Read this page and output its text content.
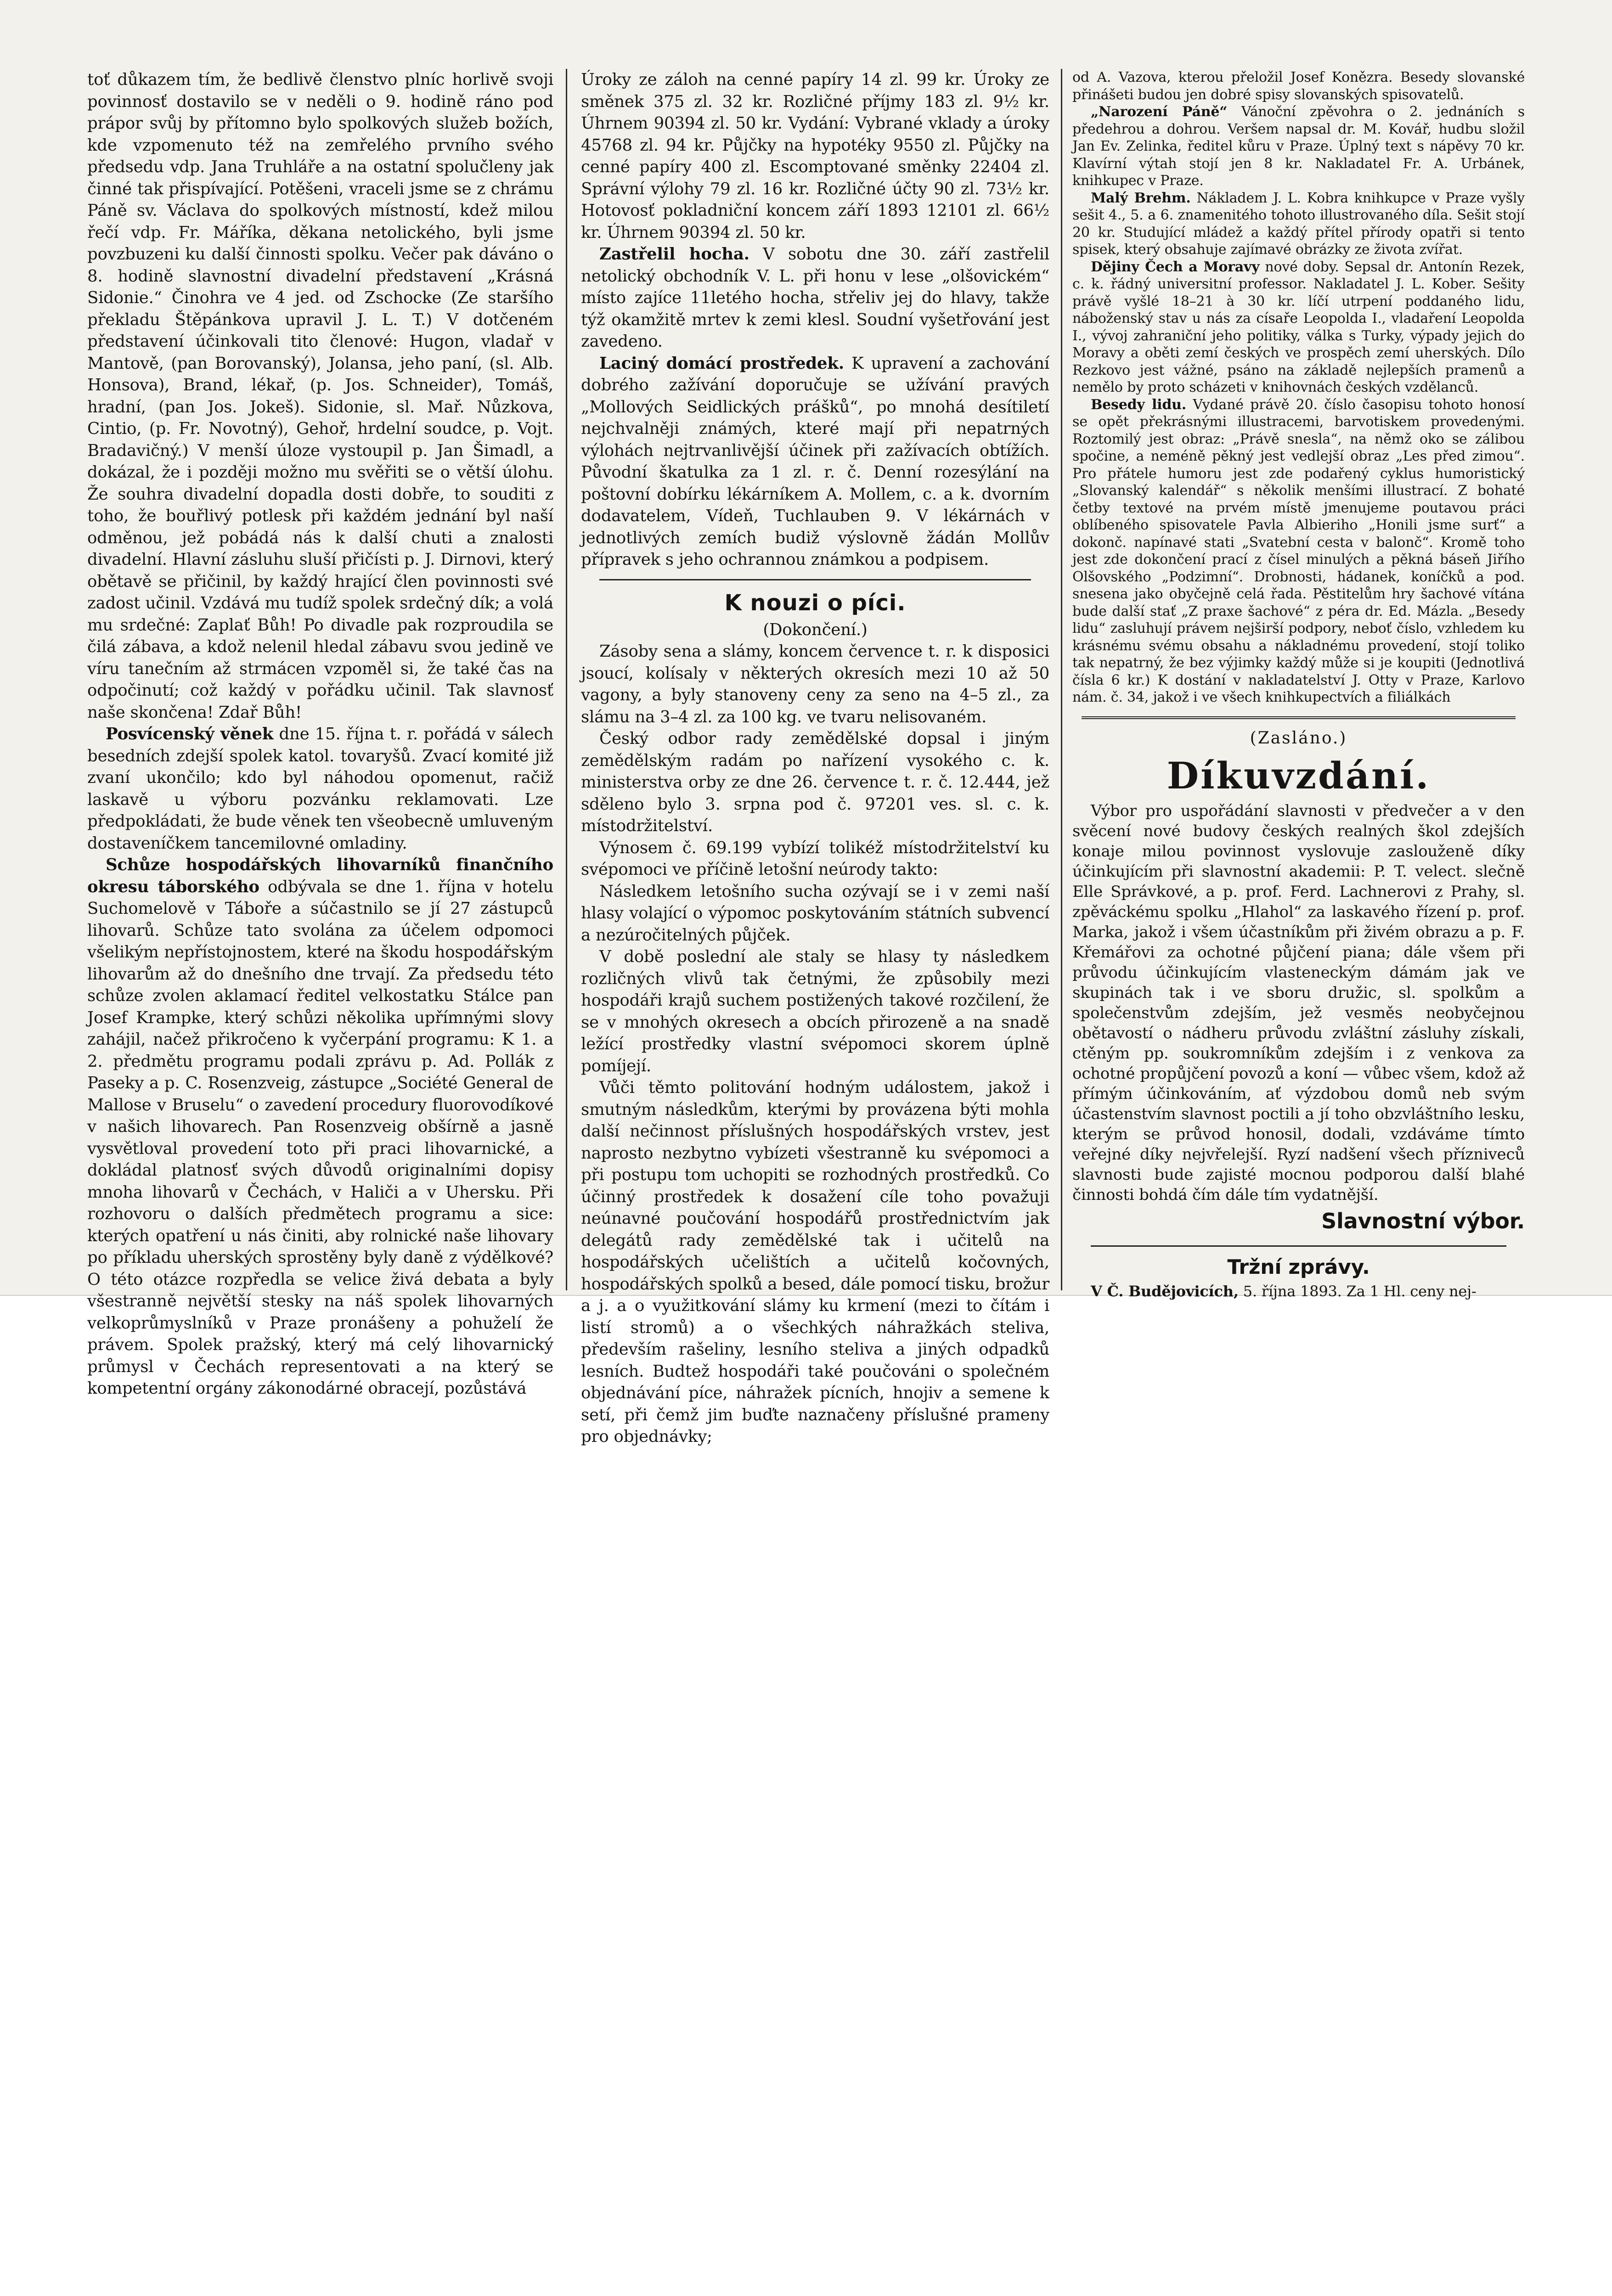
toť důkazem tím, že bedlivě členstvo plníc horlivě svoji povinnosť dostavilo se v neděli o 9. hodině ráno pod prápor svůj by přítomno bylo spolkových služeb božích, kde vzpomenuto též na zemřelého prvního svého předsedu vdp. Jana Truhláře a na ostatní spolučleny jak činné tak přispívající. Potěšeni, vraceli jsme se z chrámu Páně sv. Václava do spolkových místností, kdež milou řečí vdp. Fr. Máříka, děkana netolického, byli jsme povzbuzeni ku další činnosti spolku. Večer pak dáváno o 8. hodině slavnostní divadelní představení „Krásná Sidonie.“ Činohra ve 4 jed. od Zschocke (Ze staršího překladu Štěpánkova upravil J. L. T.) V dotčeném představení účinkovali tito členové: Hugon, vladař v Mantově, (pan Borovanský), Jolansa, jeho paní, (sl. Alb. Honsova), Brand, lékař, (p. Jos. Schneider), Tomáš, hradní, (pan Jos. Jokeš). Sidonie, sl. Mař. Nůzkova, Cintio, (p. Fr. Novotný), Gehoř, hrdelní soudce, p. Vojt. Bradavičný.) V menší úloze vystoupil p. Jan Šimadl, a dokázal, že i později možno mu svěřiti se o větší úlohu. Že souhra divadelní dopadla dosti dobře, to souditi z toho, že bouřlivý potlesk při každém jednání byl naší odměnou, jež pobádá nás k další chuti a znalosti divadelní. Hlavní zásluhu sluší přičísti p. J. Dirnovi, který obětavě se přičinil, by každý hrající člen povinnosti své zadost učinil. Vzdává mu tudíž spolek srdečný dík; a volá mu srdečné: Zaplať Bůh! Po divadle pak rozproudila se čilá zábava, a kdož nelenil hledal zábavu svou jedině ve víru tanečním až strmácen vzpoměl si, že také čas na odpočinutí; což každý v pořádku učinil. Tak slavnosť naše skončena! Zdař Bůh!

Posvícenský věnek dne 15. října t. r. pořádá v sálech besedních zdejší spolek katol. tovaryšů. Zvací komité již zvaní ukončilo; kdo byl náhodou opomenut, račiž laskavě u výboru pozvánku reklamovati. Lze předpokládati, že bude věnek ten všeobecně umluveným dostaveníčkem tancemilovné omladiny.

Schůze hospodářských lihovarníků finančního okresu táborského odbývala se dne 1. října v hotelu Suchomelově v Táboře a súčastnilo se jí 27 zástupců lihovarů. Schůze tato svolána za účelem odpomoci všelikým nepřístojnostem, které na škodu hospodářským lihovarům až do dnešního dne trvají. Za předsedu této schůze zvolen aklamací ředitel velkostatku Stálce pan Josef Krampke, který schůzi několika upřímnými slovy zahájil, načež přikročeno k vyčerpání programu: K 1. a 2. předmětu programu podali zprávu p. Ad. Pollák z Paseky a p. C. Rosenzveig, zástupce „Société General de Mallose v Bruselu“ o zavedení procedury fluorovodíkové v našich lihovarech. Pan Rosenzveig obšírně a jasně vysvětloval provedení toto při praci lihovarnické, a dokládal platnosť svých důvodů originalními dopisy mnoha lihovarů v Čechách, v Haliči a v Uhersku. Při rozhovoru o dalších předmětech programu a sice: kterých opatření u nás činiti, aby rolnické naše lihovary po příkladu uherských sprostěny byly daně z výdělkové? O této otázce rozpředla se velice živá debata a byly všestranně největší stesky na náš spolek lihovarných velkoprůmyslníků v Praze pronášeny a pohuželí že právem. Spolek pražský, který má celý lihovarnický průmysl v Čechách representovati a na který se kompetentní orgány zákonodárné obracejí, pozůstává

Úroky ze záloh na cenné papíry 14 zl. 99 kr. Úroky ze směnek 375 zl. 32 kr. Rozličné příjmy 183 zl. 9½ kr. Úhrnem 90394 zl. 50 kr. Vydání: Vybrané vklady a úroky 45768 zl. 94 kr. Půjčky na hypotéky 9550 zl. Půjčky na cenné papíry 400 zl. Escomptované směnky 22404 zl. Správní výlohy 79 zl. 16 kr. Rozličné účty 90 zl. 73½ kr. Hotovosť pokladniční koncem září 1893 12101 zl. 66½ kr. Úhrnem 90394 zl. 50 kr.

Zastřelil hocha. V sobotu dne 30. září zastřelil netolický obchodník V. L. při honu v lese „olšovickém“ místo zajíce 11letého hocha, střeliv jej do hlavy, takže týž okamžitě mrtev k zemi klesl. Soudní vyšetřování jest zavedeno.

Laciný domácí prostředek. K upravení a zachování dobrého zažívání doporučuje se užívání pravých „Mollových Seidlických prášků“, po mnohá desítiletí nejchvalněji známých, které mají při nepatrných výlohách nejtrvanlivější účinek při zažívacích obtížích. Původní škatulka za 1 zl. r. č. Denní rozesýlání na poštovní dobírku lékárníkem A. Mollem, c. a k. dvorním dodavatelem, Vídeň, Tuchlauben 9. V lékárnách v jednotlivých zemích budiž výslovně žádán Mollův přípravek s jeho ochrannou známkou a podpisem.

K nouzi o píci.

(Dokončení.)

Zásoby sena a slámy, koncem července t. r. k disposici jsoucí, kolísaly v některých okresích mezi 10 až 50 vagony, a byly stanoveny ceny za seno na 4–5 zl., za slámu na 3–4 zl. za 100 kg. ve tvaru nelisovaném.

Český odbor rady zemědělské dopsal i jiným zemědělským radám po nařízení vysokého c. k. ministerstva orby ze dne 26. července t. r. č. 12.444, jež sděleno bylo 3. srpna pod č. 97201 ves. sl. c. k. místodržitelství.

Výnosem č. 69.199 vybízí tolikéž místodržitelství ku svépomoci ve příčině letošní neúrody takto:

Následkem letošního sucha ozývají se i v zemi naší hlasy volající o výpomoc poskytováním státních subvencí a nezúročitelných půjček.

V době poslední ale staly se hlasy ty následkem rozličných vlivů tak četnými, že způsobily mezi hospodáři krajů suchem postižených takové rozčilení, že se v mnohých okresech a obcích přirozeně a na snadě ležící prostředky vlastní svépomoci skorem úplně pomíjejí.

Vůči těmto politování hodným událostem, jakož i smutným následkům, kterými by provázena býti mohla další nečinnost příslušných hospodářských vrstev, jest naprosto nezbytno vybízeti všestranně ku svépomoci a při postupu tom uchopiti se rozhodných prostředků. Co účinný prostředek k dosažení cíle toho považuji neúnavné poučování hospodářů prostřednictvím jak delegátů rady zemědělské tak i učitelů na hospodářských učelištích a učitelů kočovných, hospodářských spolků a besed, dále pomocí tisku, brožur a j. a o využitkování slámy ku krmení (mezi to čítám i listí stromů) a o všechkých náhražkách steliva, především rašeliny, lesního steliva a jiných odpadků lesních. Budtež hospodáři také poučováni o společném objednávání píce, náhražek pícních, hnojiv a semene k setí, při čemž jim buďte naznačeny příslušné prameny pro objednávky;

od A. Vazova, kterou přeložil Josef Konězra. Besedy slovanské přinášeti budou jen dobré spisy slovanských spisovatelů.

„Narození Páně“ Vánoční zpěvohra o 2. jednáních s předehrou a dohrou. Veršem napsal dr. M. Kovář, hudbu složil Jan Ev. Zelinka, ředitel kůru v Praze. Úplný text s nápěvy 70 kr. Klavírní výtah stojí jen 8 kr. Nakladatel Fr. A. Urbánek, knihkupec v Praze.

Malý Brehm. Nákladem J. L. Kobra knihkupce v Praze vyšly sešit 4., 5. a 6. znamenitého tohoto illustrovaného díla. Sešit stojí 20 kr. Studující mládež a každý přítel přírody opatři si tento spisek, který obsahuje zajímavé obrázky ze života zvířat.

Dějiny Čech a Moravy nové doby. Sepsal dr. Antonín Rezek, c. k. řádný universitní professor. Nakladatel J. L. Kober. Sešity právě vyšlé 18–21 à 30 kr. líčí utrpení poddaného lidu, náboženský stav u nás za císaře Leopolda I., vladaření Leopolda I., vývoj zahraniční jeho politiky, válka s Turky, výpady jejich do Moravy a oběti zemí českých ve prospěch zemí uherských. Dílo Rezkovo jest vážné, psáno na základě nejlepších pramenů a nemělo by proto scházeti v knihovnách českých vzdělanců.

Besedy lidu. Vydané právě 20. číslo časopisu tohoto honosí se opět překrásnými illustracemi, barvotiskem provedenými. Roztomilý jest obraz: „Právě snesla“, na němž oko se zálibou spočine, a neméně pěkný jest vedlejší obraz „Les před zimou“. Pro přátele humoru jest zde podařený cyklus humoristický „Slovanský kalendář“ s několik menšími illustrací. Z bohaté četby textové na prvém místě jmenujeme poutavou práci oblíbeného spisovatele Pavla Albieriho „Honili jsme surť“ a dokonč. napínavé stati „Svatební cesta v balonč“. Kromě toho jest zde dokončení prací z čísel minulých a pěkná báseň Jiřího Olšovského „Podzimní“. Drobnosti, hádanek, koníčků a pod. snesena jako obyčejně celá řada. Pěstitelům hry šachové vítána bude další stať „Z praxe šachové“ z péra dr. Ed. Mázla. „Besedy lidu“ zasluhují právem nejširší podpory, neboť číslo, vzhledem ku krásnému svému obsahu a nákladnému provedení, stojí toliko tak nepatrný, že bez výjimky každý může si je koupiti (Jednotlivá čísla 6 kr.) K dostání v nakladatelství J. Otty v Praze, Karlovo nám. č. 34, jakož i ve všech knihkupectvích a filiálkách

(Zasláno.)

Díkuvzdání.

Výbor pro uspořádání slavnosti v předvečer a v den svěcení nové budovy českých realných škol zdejších konaje milou povinnost vyslovuje zaslouženě díky účinkujícím při slavnostní akademii: P. T. velect. slečně Elle Správkové, a p. prof. Ferd. Lachnerovi z Prahy, sl. zpěváckému spolku „Hlahol“ za laskavého řízení p. prof. Marka, jakož i všem účastníkům při živém obrazu a p. F. Křemářovi za ochotné půjčení piana; dále všem při průvodu účinkujícím vlasteneckým dámám jak ve skupinách tak i ve sboru družic, sl. spolkům a společenstvům zdejším, jež vesměs neobyčejnou obětavostí o nádheru průvodu zvláštní zásluhy získali, ctěným pp. soukromníkům zdejším i z venkova za ochotné propůjčení povozů a koní — vůbec všem, kdož až přímým účinkováním, ať výzdobou domů neb svým účastenstvím slavnost poctili a jí toho obzvláštního lesku, kterým se průvod honosil, dodali, vzdáváme tímto veřejné díky nejvřelejší. Ryzí nadšení všech přízniveců slavnosti bude zajisté mocnou podporou další blahé činnosti bohdá čím dále tím vydatnější.

Slavnostní výbor.

Tržní zprávy.

V Č. Budějovicích, 5. října 1893. Za 1 Hl. ceny nej-
